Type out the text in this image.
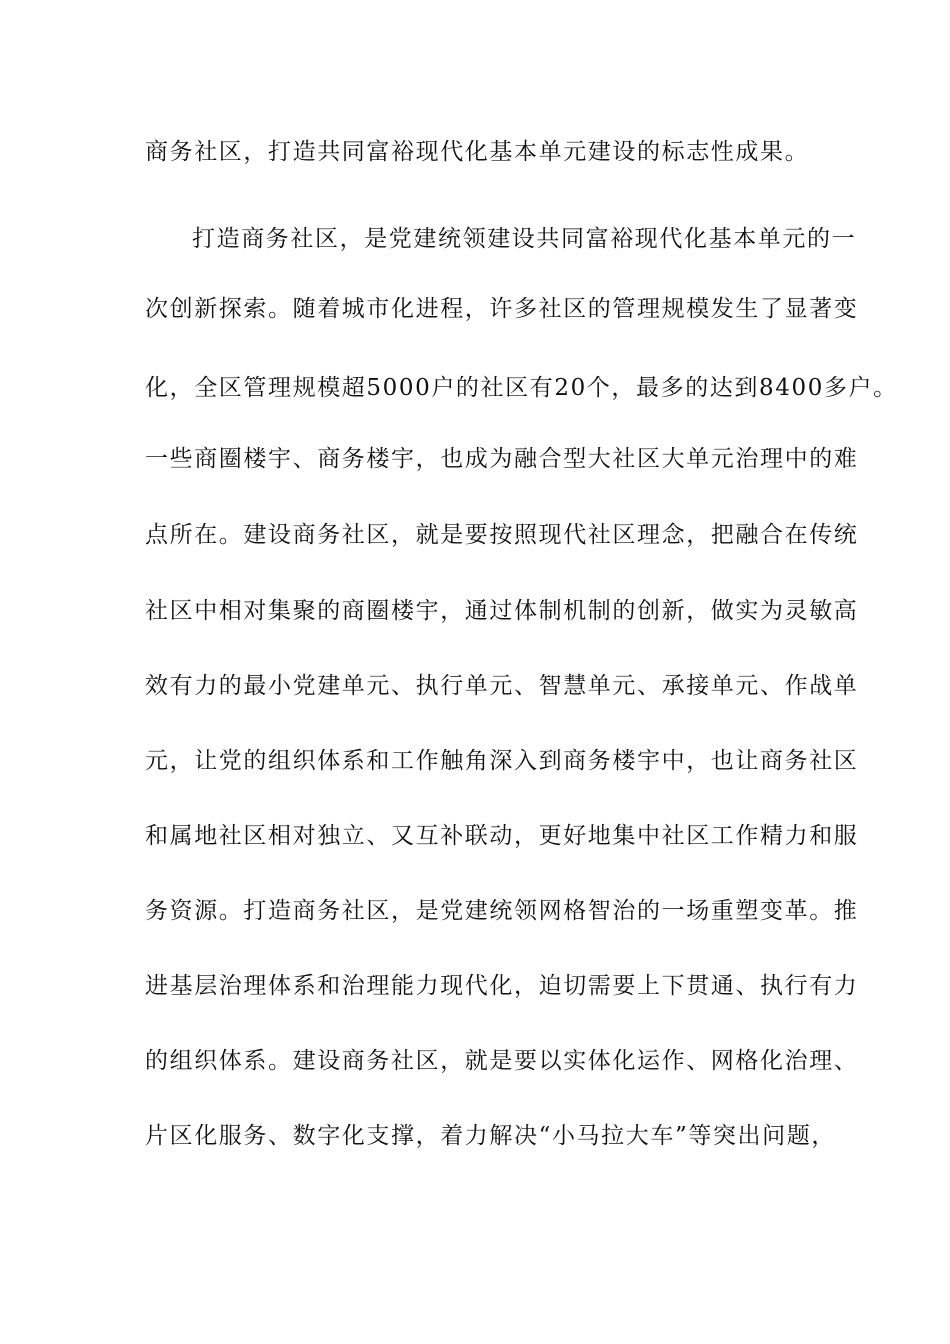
商务社区，打造共同富裕现代化基本单元建设的标志性成果。

打造商务社区，是党建统领建设共同富裕现代化基本单元的一

次创新探索。随着城市化进程，许多社区的管理规模发生了显著变

化，全区管理规模超5000户的社区有20个，最多的达到8400多户。

一些商圈楼宇、商务楼宇，也成为融合型大社区大单元治理中的难

点所在。建设商务社区，就是要按照现代社区理念，把融合在传统

社区中相对集聚的商圈楼宇，通过体制机制的创新，做实为灵敏高

效有力的最小党建单元、执行单元、智慧单元、承接单元、作战单

元，让党的组织体系和工作触角深入到商务楼宇中，也让商务社区

和属地社区相对独立、又互补联动，更好地集中社区工作精力和服

务资源。打造商务社区，是党建统领网格智治的一场重塑变革。推

进基层治理体系和治理能力现代化，迫切需要上下贯通、执行有力

的组织体系。建设商务社区，就是要以实体化运作、网格化治理、

片区化服务、数字化支撑，着力解决“小马拉大车”等突出问题，
